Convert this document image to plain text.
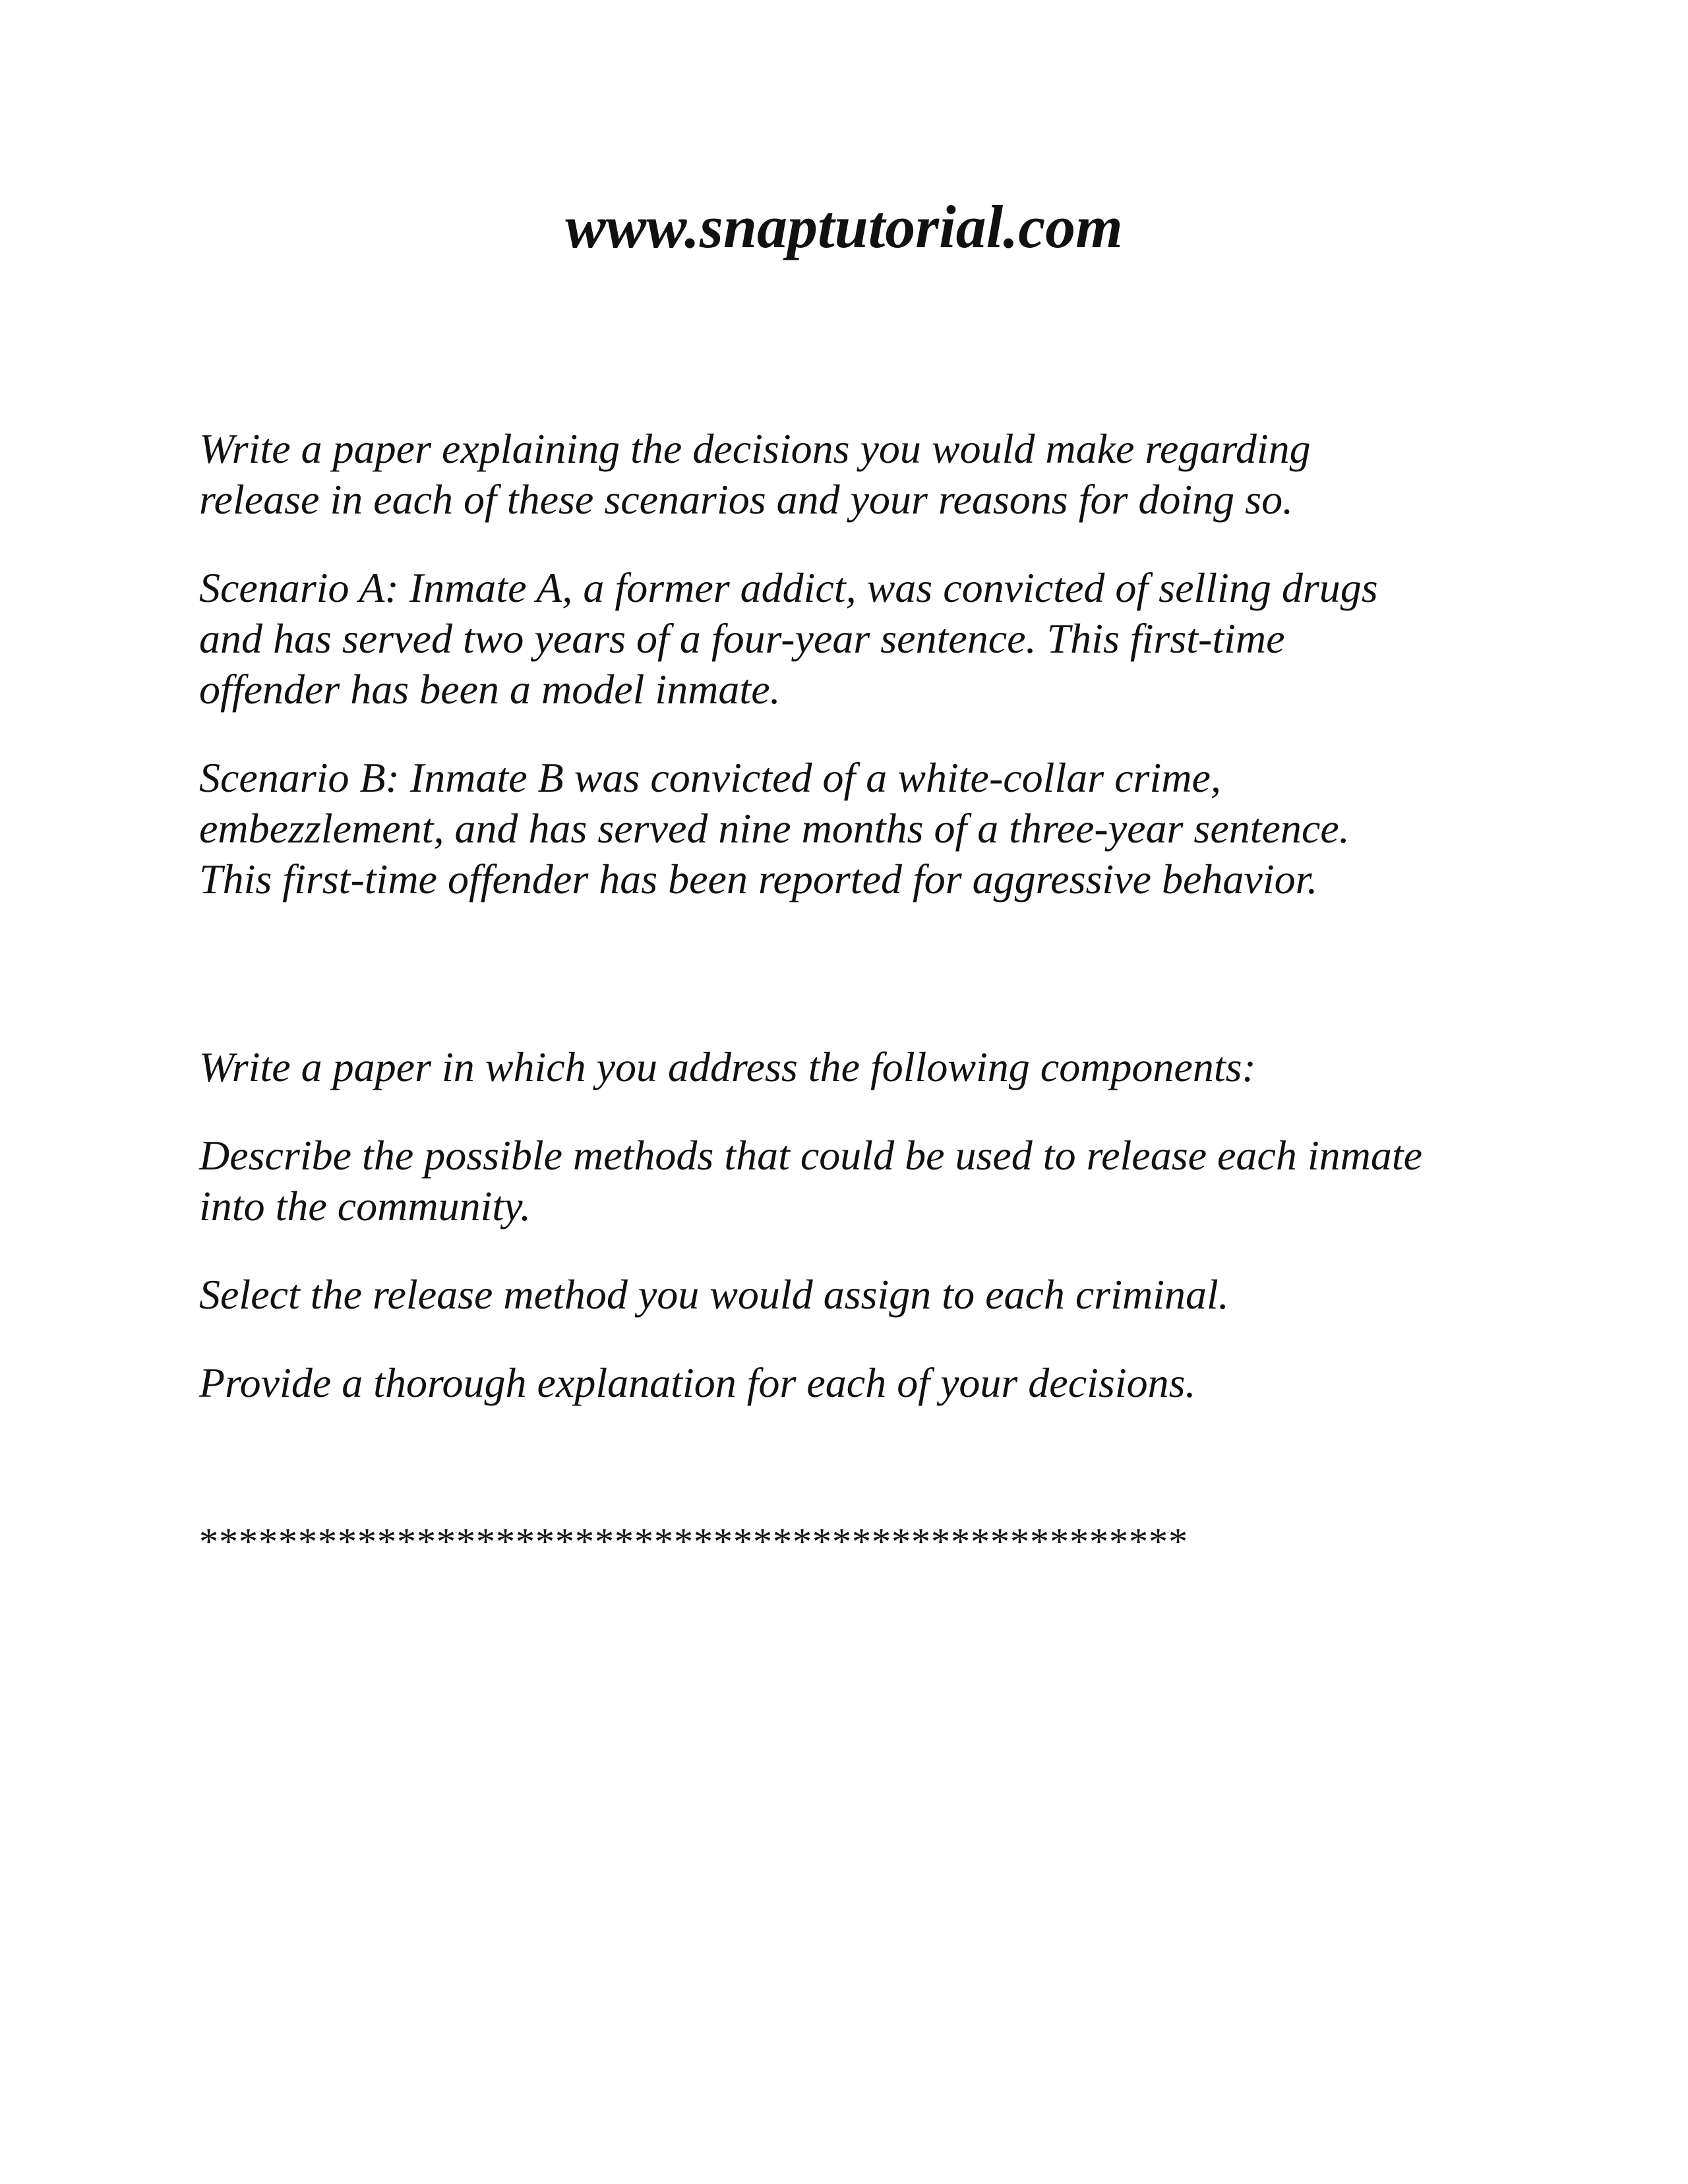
www.snaptutorial.com

Write a paper explaining the decisions you would make regarding
release in each of these scenarios and your reasons for doing so.

Scenario A: Inmate A, a former addict, was convicted of selling drugs
and has served two years of a four-year sentence. This first-time
offender has been a model inmate.

Scenario B: Inmate B was convicted of a white-collar crime,
embezzlement, and has served nine months of a three-year sentence.
This first-time offender has been reported for aggressive behavior.

Write a paper in which you address the following components:

Describe the possible methods that could be used to release each inmate
into the community.

Select the release method you would assign to each criminal.

Provide a thorough explanation for each of your decisions.

**************************************************
